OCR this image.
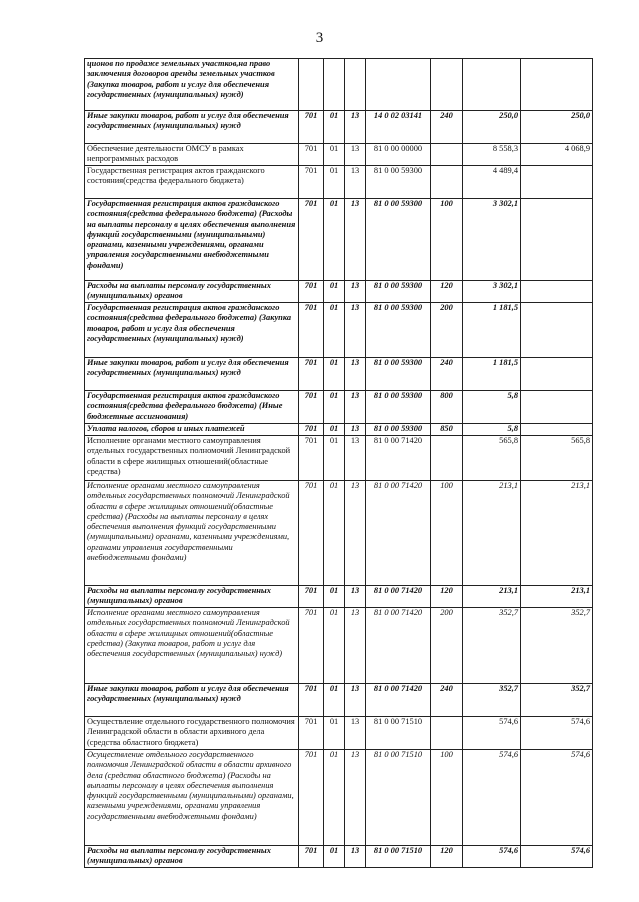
3
ционов по продаже земельных участков,на право заключения договоров аренды земельных участков (Закупка товаров, работ и услуг для обеспечения государственных (муниципальных) нужд)							
Иные закупки товаров, работ и услуг для обеспечения государственных (муниципальных) нужд	701	01	13	14 0 02 03141	240	250,0	250,0
Обеспечение деятельности ОМСУ в рамках непрограммных расходов	701	01	13	81 0 00 00000		8 558,3	4 068,9
Государственная регистрация актов гражданского состояния(средства федерального бюджета)	701	01	13	81 0 00 59300		4 489,4	
Государственная регистрация актов гражданского состояния(средства федерального бюджета) (Расходы на выплаты персоналу в целях обеспечения выполнения функций государственными (муниципальными) органами, казенными учреждениями, органами управления государственными внебюджетными фондами)	701	01	13	81 0 00 59300	100	3 302,1	
Расходы на выплаты персоналу государственных (муниципальных) органов	701	01	13	81 0 00 59300	120	3 302,1	
Государственная регистрация актов гражданского состояния(средства федерального бюджета) (Закупка товаров, работ и услуг для обеспечения государственных (муниципальных) нужд)	701	01	13	81 0 00 59300	200	1 181,5	
Иные закупки товаров, работ и услуг для обеспечения государственных (муниципальных) нужд	701	01	13	81 0 00 59300	240	1 181,5	
Государственная регистрация актов гражданского состояния(средства федерального бюджета) (Иные бюджетные ассигнования)	701	01	13	81 0 00 59300	800	5,8	
Уплата налогов, сборов и иных платежей	701	01	13	81 0 00 59300	850	5,8	
Исполнение органами местного самоуправления отдельных государственных полномочий Ленинградской области в сфере жилищных отношений(областные средства)	701	01	13	81 0 00 71420		565,8	565,8
Исполнение органами местного самоуправления отдельных государственных полномочий Ленинградской области в сфере жилищных отношений(областные средства) (Расходы на выплаты персоналу в целях обеспечения выполнения функций государственными (муниципальными) органами, казенными учреждениями, органами управления государственными внебюджетными фондами)	701	01	13	81 0 00 71420	100	213,1	213,1
Расходы на выплаты персоналу государственных (муниципальных) органов	701	01	13	81 0 00 71420	120	213,1	213,1
Исполнение органами местного самоуправления отдельных государственных полномочий Ленинградской области в сфере жилищных отношений(областные средства) (Закупка товаров, работ и услуг для обеспечения государственных (муниципальных) нужд)	701	01	13	81 0 00 71420	200	352,7	352,7
Иные закупки товаров, работ и услуг для обеспечения государственных (муниципальных) нужд	701	01	13	81 0 00 71420	240	352,7	352,7
Осуществление отдельного государственного полномочия Ленинградской области в области архивного дела (средства областного бюджета)	701	01	13	81 0 00 71510		574,6	574,6
Осуществление отдельного государственного полномочия Ленинградской области в области архивного дела (средства областного бюджета) (Расходы на выплаты персоналу в целях обеспечения выполнения функций государственными (муниципальными) органами, казенными учреждениями, органами управления государственными внебюджетными фондами)	701	01	13	81 0 00 71510	100	574,6	574,6
Расходы на выплаты персоналу государственных (муниципальных) органов	701	01	13	81 0 00 71510	120	574,6	574,6
